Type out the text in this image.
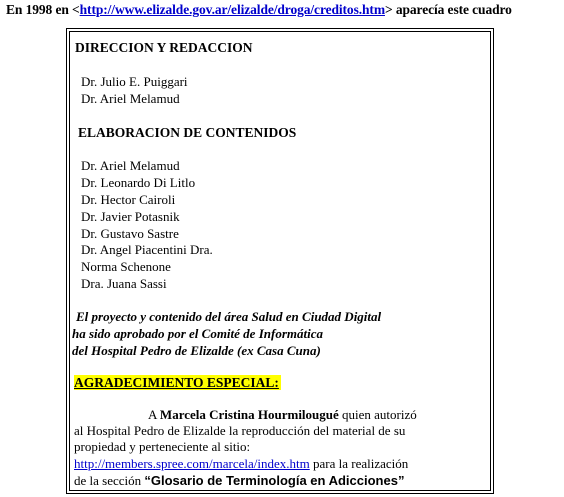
En 1998 en <http://www.elizalde.gov.ar/elizalde/droga/creditos.htm> aparecía este cuadro
DIRECCION Y REDACCION
Dr. Julio E. Puiggari
Dr. Ariel Melamud
ELABORACION DE CONTENIDOS
Dr. Ariel Melamud
Dr. Leonardo Di Litlo
Dr. Hector Cairoli
Dr. Javier Potasnik
Dr. Gustavo Sastre
Dr. Angel Piacentini Dra.
Norma Schenone
Dra. Juana Sassi
El proyecto y contenido del área Salud en Ciudad Digital
ha sido aprobado por el Comité de Informática
del Hospital Pedro de Elizalde (ex Casa Cuna)
AGRADECIMIENTO ESPECIAL:
A Marcela Cristina Hourmilougué quien autorizó
al Hospital Pedro de Elizalde la reproducción del material de su
propiedad y perteneciente al sitio:
http://members.spree.com/marcela/index.htm para la realización
de la sección “Glosario de Terminología en Adicciones”
